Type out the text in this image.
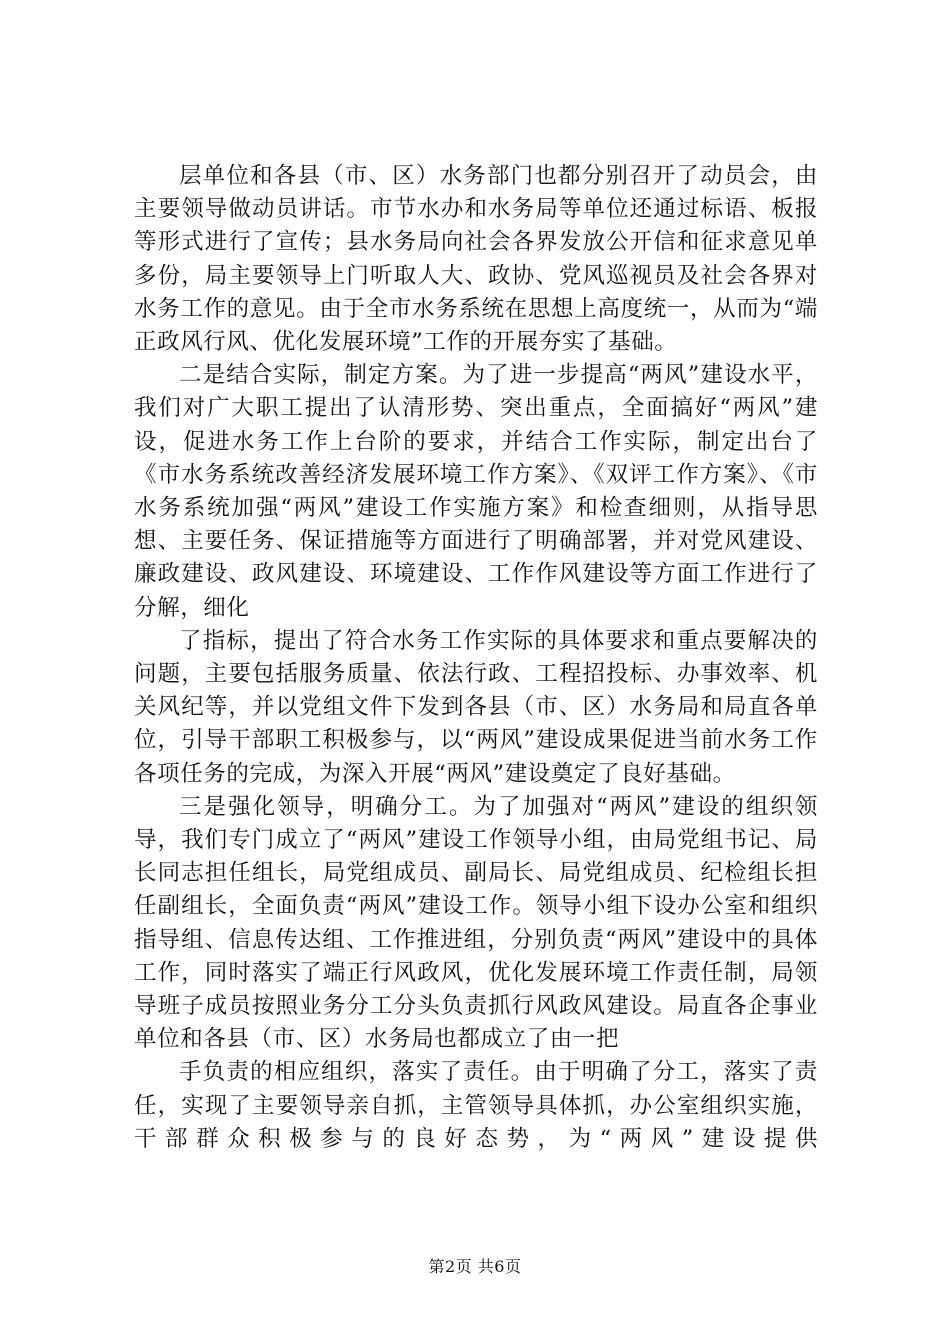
层单位和各县（市、区）水务部门也都分别召开了动员会，由主要领导做动员讲话。市节水办和水务局等单位还通过标语、板报等形式进行了宣传；县水务局向社会各界发放公开信和征求意见单多份，局主要领导上门听取人大、政协、党风巡视员及社会各界对水务工作的意见。由于全市水务系统在思想上高度统一，从而为“端正政风行风、优化发展环境”工作的开展夯实了基础。

二是结合实际，制定方案。为了进一步提高“两风”建设水平，我们对广大职工提出了认清形势、突出重点，全面搞好“两风”建设，促进水务工作上台阶的要求，并结合工作实际，制定出台了《市水务系统改善经济发展环境工作方案》、《双评工作方案》、《市水务系统加强“两风”建设工作实施方案》和检查细则，从指导思想、主要任务、保证措施等方面进行了明确部署，并对党风建设、廉政建设、政风建设、环境建设、工作作风建设等方面工作进行了分解，细化

了指标，提出了符合水务工作实际的具体要求和重点要解决的问题，主要包括服务质量、依法行政、工程招投标、办事效率、机关风纪等，并以党组文件下发到各县（市、区）水务局和局直各单位，引导干部职工积极参与，以“两风”建设成果促进当前水务工作各项任务的完成，为深入开展“两风”建设奠定了良好基础。

三是强化领导，明确分工。为了加强对“两风”建设的组织领导，我们专门成立了“两风”建设工作领导小组，由局党组书记、局长同志担任组长，局党组成员、副局长、局党组成员、纪检组长担任副组长，全面负责“两风”建设工作。领导小组下设办公室和组织指导组、信息传达组、工作推进组，分别负责“两风”建设中的具体工作，同时落实了端正行风政风，优化发展环境工作责任制，局领导班子成员按照业务分工分头负责抓行风政风建设。局直各企事业单位和各县（市、区）水务局也都成立了由一把

手负责的相应组织，落实了责任。由于明确了分工，落实了责任，实现了主要领导亲自抓，主管领导具体抓，办公室组织实施，干部群众积极参与的良好态势，为“两风”建设提供

第2页 共6页
